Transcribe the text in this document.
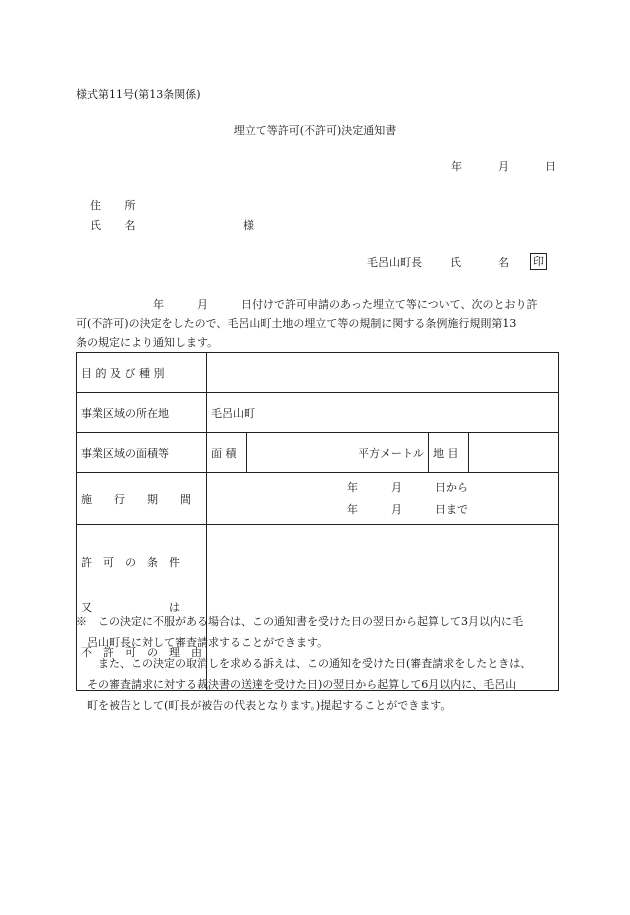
様式第11号(第13条関係)
埋立て等許可(不許可)決定通知書
年	月	日
住 所
氏 名	様
毛呂山町長	氏	名 印
　　　　　　　年　　　月　　　日付けで許可申請のあった埋立て等について、次のとおり許
可(不許可)の決定をしたので、毛呂山町土地の埋立て等の規制に関する条例施行規則第13
条の規定により通知します。
目 的 及 び 種 別				
事業区域の所在地	毛呂山町			
事業区域の面積等	面 積	平方メートル	地 目	
施　　行　　期　　間	年　　　月　　　日から
年　　　月　　　日まで			

許　可　の　条　件

又　　　　　　　は

不　許　可　の　理　由				

※　この決定に不服がある場合は、この通知書を受けた日の翌日から起算して3月以内に毛
　呂山町長に対して審査請求することができます。
　　また、この決定の取消しを求める訴えは、この通知を受けた日(審査請求をしたときは、
　その審査請求に対する裁決書の送達を受けた日)の翌日から起算して6月以内に、毛呂山
　町を被告として(町長が被告の代表となります。)提起することができます。
